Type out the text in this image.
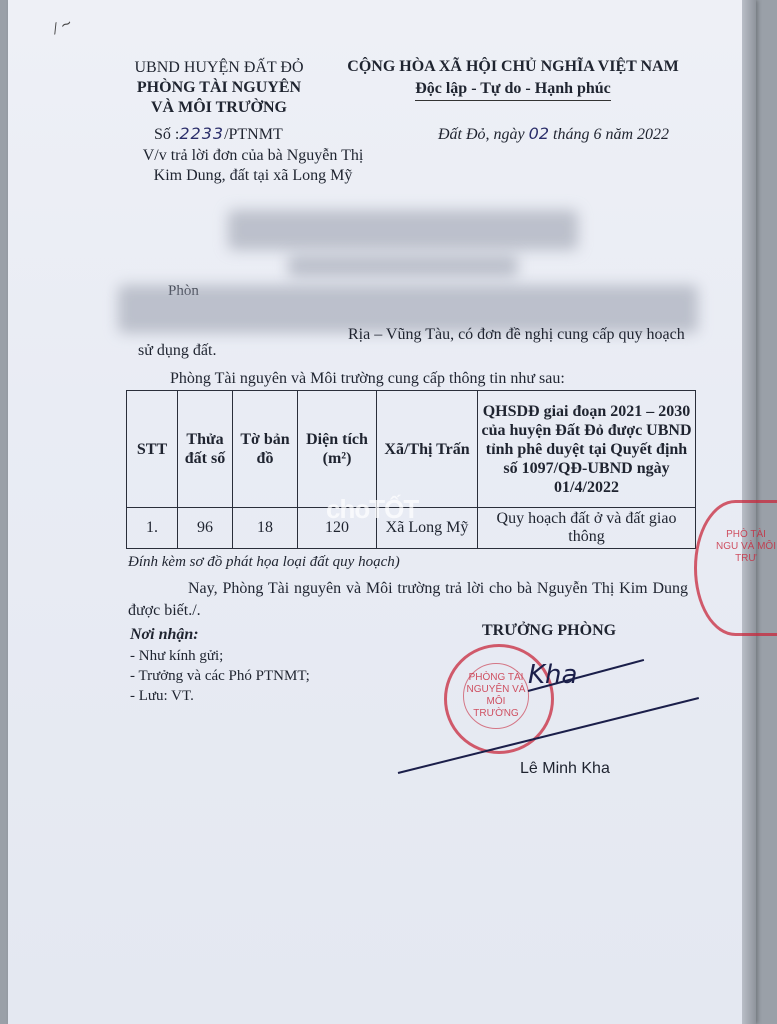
⁄ ∼
UBND HUYỆN ĐẤT ĐỎ
PHÒNG TÀI NGUYÊN
VÀ MÔI TRƯỜNG
CỘNG HÒA XÃ HỘI CHỦ NGHĨA VIỆT NAM
Độc lập - Tự do - Hạnh phúc
Số :2233/PTNMT	Đất Đỏ, ngày 02 tháng 6 năm 2022
V/v trả lời đơn của bà Nguyễn Thị Kim Dung, đất tại xã Long Mỹ
Rịa – Vũng Tàu, có đơn đề nghị cung cấp quy hoạch
sử dụng đất.
Phòng Tài nguyên và Môi trường cung cấp thông tin như sau:
STT	Thửa đất số	Tờ bản đồ	Diện tích (m²)	Xã/Thị Trấn	QHSDĐ giai đoạn 2021 – 2030 của huyện Đất Đỏ được UBND tỉnh phê duyệt tại Quyết định số 1097/QĐ-UBND ngày 01/4/2022
1.	96	18	120	Xã Long Mỹ	Quy hoạch đất ở và đất giao thông
choTỐT
Đính kèm sơ đồ phát họa loại đất quy hoạch)
Nay, Phòng Tài nguyên và Môi trường trả lời cho bà Nguyễn Thị Kim Dung được biết./.
Nơi nhận:
- Như kính gửi;
- Trưởng và các Phó PTNMT;
- Lưu: VT.
TRƯỞNG PHÒNG
PHÒNG TÀI NGUYÊN VÀ MÔI TRƯỜNG
PHÒ TÀI NGU VÀ MÔI TRƯ
Kha
Lê Minh Kha
